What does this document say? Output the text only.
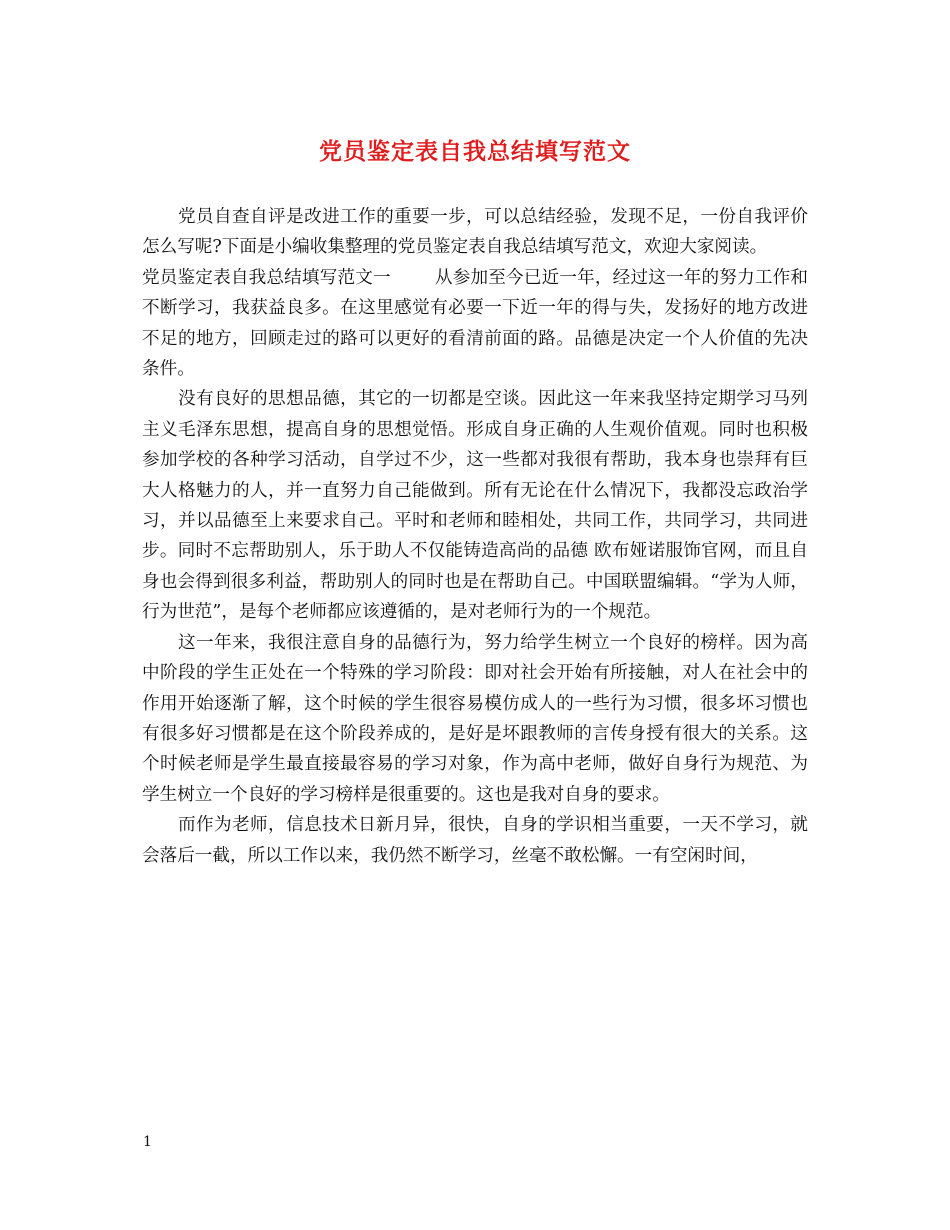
党员鉴定表自我总结填写范文

党员自查自评是改进工作的重要一步，可以总结经验，发现不足，一份自我评价怎么写呢?下面是小编收集整理的党员鉴定表自我总结填写范文，欢迎大家阅读。

党员鉴定表自我总结填写范文一	从参加至今已近一年，经过这一年的努力工作和不断学习，我获益良多。在这里感觉有必要一下近一年的得与失，发扬好的地方改进不足的地方，回顾走过的路可以更好的看清前面的路。品德是决定一个人价值的先决条件。

没有良好的思想品德，其它的一切都是空谈。因此这一年来我坚持定期学习马列主义毛泽东思想，提高自身的思想觉悟。形成自身正确的人生观价值观。同时也积极参加学校的各种学习活动，自学过不少，这一些都对我很有帮助，我本身也崇拜有巨大人格魅力的人，并一直努力自己能做到。所有无论在什么情况下，我都没忘政治学习，并以品德至上来要求自己。平时和老师和睦相处，共同工作，共同学习，共同进步。同时不忘帮助别人，乐于助人不仅能铸造高尚的品德 欧布娅诺服饰官网，而且自身也会得到很多利益，帮助别人的同时也是在帮助自己。中国联盟编辑。“学为人师，行为世范”，是每个老师都应该遵循的，是对老师行为的一个规范。

这一年来，我很注意自身的品德行为，努力给学生树立一个良好的榜样。因为高中阶段的学生正处在一个特殊的学习阶段：即对社会开始有所接触，对人在社会中的作用开始逐渐了解，这个时候的学生很容易模仿成人的一些行为习惯，很多坏习惯也有很多好习惯都是在这个阶段养成的，是好是坏跟教师的言传身授有很大的关系。这个时候老师是学生最直接最容易的学习对象，作为高中老师，做好自身行为规范、为学生树立一个良好的学习榜样是很重要的。这也是我对自身的要求。

而作为老师，信息技术日新月异，很快，自身的学识相当重要，一天不学习，就会落后一截，所以工作以来，我仍然不断学习，丝毫不敢松懈。一有空闲时间，

1
